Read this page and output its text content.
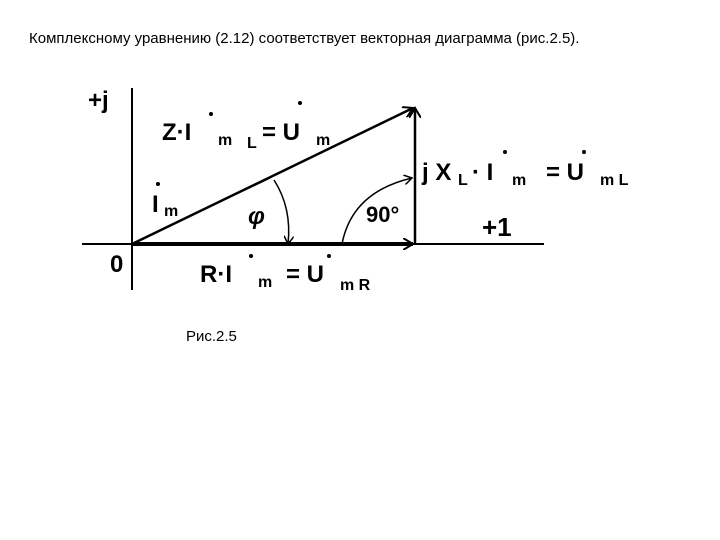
Комплексному уравнению (2.12) соответствует векторная диаграмма (рис.2.5).
+j
+1
0
Z·I m L = U m
I m	φ	90°
j X L · I m = U m L
R·I m = U m R
Рис.2.5
